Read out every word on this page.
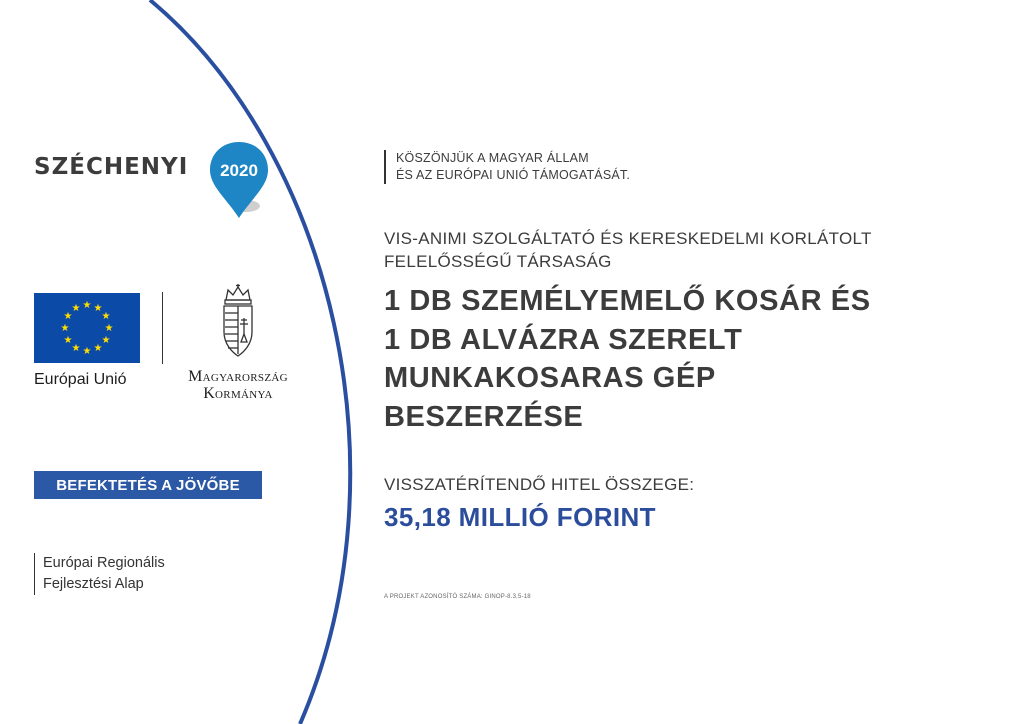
SZÉCHENYI 2020
★ ★
★
★
★
★
★
★
★
★
★
★
Európai Unió	Magyarország
Kormánya
BEFEKTETÉS A JÖVŐBE
Európai Regionális
Fejlesztési Alap
KÖSZÖNJÜK A MAGYAR ÁLLAM
ÉS AZ EURÓPAI UNIÓ TÁMOGATÁSÁT.
VIS-ANIMI SZOLGÁLTATÓ ÉS KERESKEDELMI KORLÁTOLT
FELELŐSSÉGŰ TÁRSASÁG
1 DB SZEMÉLYEMELŐ KOSÁR ÉS
1 DB ALVÁZRA SZERELT
MUNKAKOSARAS GÉP
BESZERZÉSE
VISSZATÉRÍTENDŐ HITEL ÖSSZEGE:
35,18 MILLIÓ FORINT
A PROJEKT AZONOSÍTÓ SZÁMA: GINOP-8.3.5-18
